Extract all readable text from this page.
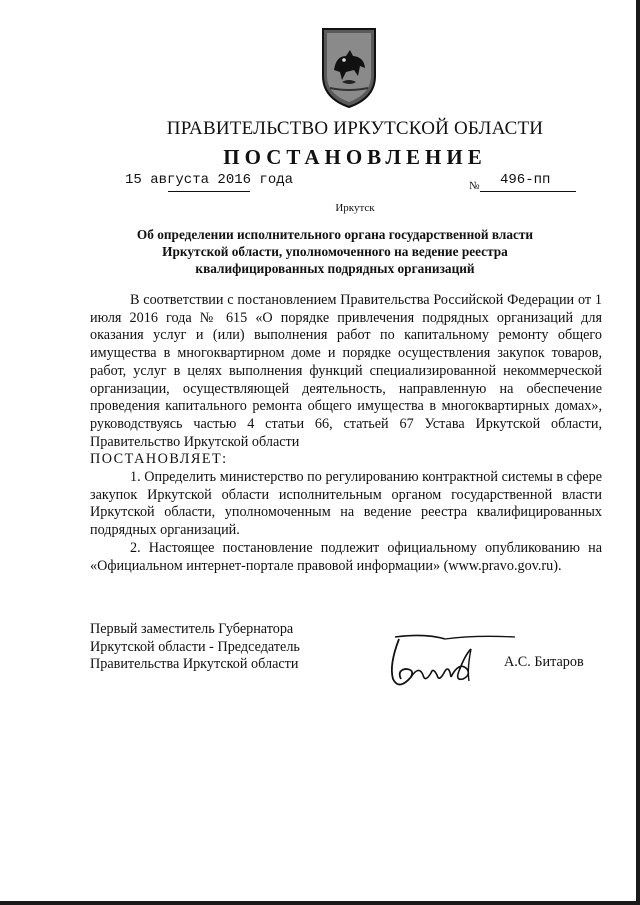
ПРАВИТЕЛЬСТВО ИРКУТСКОЙ ОБЛАСТИ
ПОСТАНОВЛЕНИЕ
15 августа 2016 года	№ 496-пп
Иркутск
Об определении исполнительного органа государственной власти
Иркутской области, уполномоченного на ведение реестра
квалифицированных подрядных организаций

В соответствии с постановлением Правительства Российской Федерации от 1 июля 2016 года № 615 «О порядке привлечения подрядных организаций для оказания услуг и (или) выполнения работ по капитальному ремонту общего имущества в многоквартирном доме и порядке осуществления закупок товаров, работ, услуг в целях выполнения функций специализированной некоммерческой организации, осуществляющей деятельность, направленную на обеспечение проведения капитального ремонта общего имущества в многоквартирных домах», руководствуясь частью 4 статьи 66, статьей 67 Устава Иркутской области, Правительство Иркутской области

ПОСТАНОВЛЯЕТ:

1. Определить министерство по регулированию контрактной системы в сфере закупок Иркутской области исполнительным органом государственной власти Иркутской области, уполномоченным на ведение реестра квалифицированных подрядных организаций.

2. Настоящее постановление подлежит официальному опубликованию на «Официальном интернет-портале правовой информации» (www.pravo.gov.ru).

Первый заместитель Губернатора
Иркутской области - Председатель
Правительства Иркутской области	А.С. Битаров
